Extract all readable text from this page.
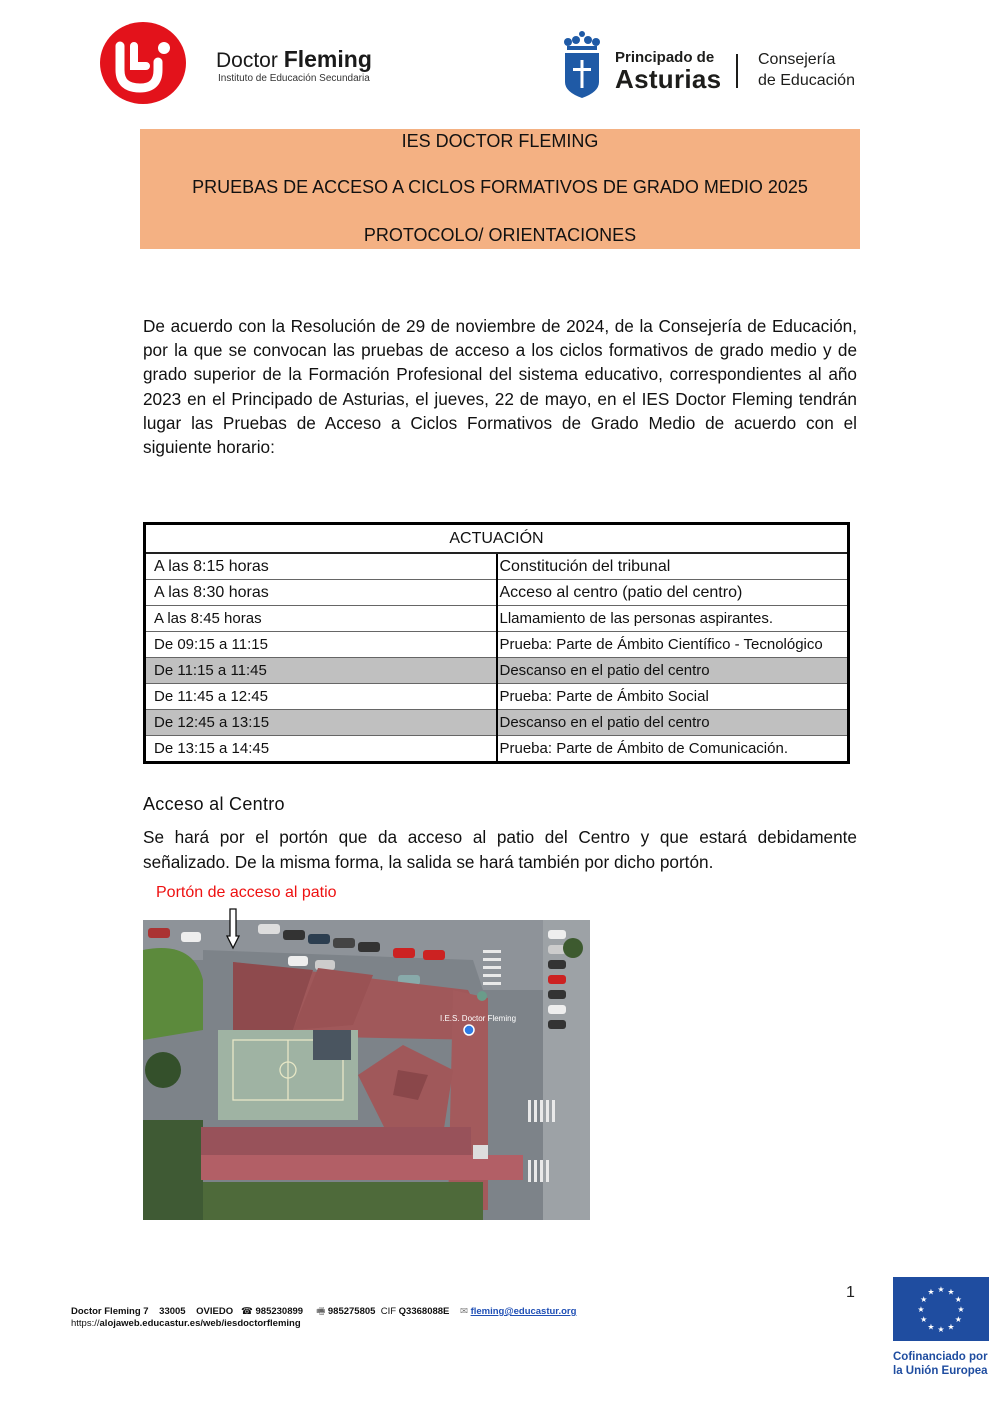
Doctor Fleming
Instituto de Educación Secundaria
Principado de
Asturias
Consejería
de Educación
IES DOCTOR FLEMING
PRUEBAS DE ACCESO A CICLOS FORMATIVOS DE GRADO MEDIO 2025
PROTOCOLO/ ORIENTACIONES
De acuerdo con la Resolución de 29 de noviembre de 2024, de la Consejería de Educación, por la que se convocan las pruebas de acceso a los ciclos formativos de grado medio y de grado superior de la Formación Profesional del sistema educativo, correspondientes al año 2023 en el Principado de Asturias, el jueves, 22 de mayo, en el IES Doctor Fleming tendrán lugar las Pruebas de Acceso a Ciclos Formativos de Grado Medio de acuerdo con el siguiente horario:
ACTUACIÓN	
A las 8:15 horas	Constitución del tribunal
A las 8:30 horas	Acceso al centro (patio del centro)
A las 8:45 horas	Llamamiento de las personas aspirantes.
De 09:15 a 11:15	Prueba: Parte de Ámbito Científico - Tecnológico
De 11:15 a 11:45	Descanso en el patio del centro
De 11:45 a 12:45	Prueba: Parte de Ámbito Social
De 12:45 a 13:15	Descanso en el patio del centro
De 13:15 a 14:45	Prueba: Parte de Ámbito de Comunicación.
Acceso al Centro
Se hará por el portón que da acceso al patio del Centro y que estará debidamente señalizado. De la misma forma, la salida se hará también por dicho portón.
Portón de acceso al patio
I.E.S. Doctor Fleming
1
Doctor Fleming 7 33005 OVIEDO ☎ 985230899 🖷 985275805 CIF Q3368088E ✉ fleming@educastur.org
https://alojaweb.educastur.es/web/iesdoctorfleming
★ ★
★
★
★
★
★
★
★
★
★
★
Cofinanciado por
la Unión Europea
